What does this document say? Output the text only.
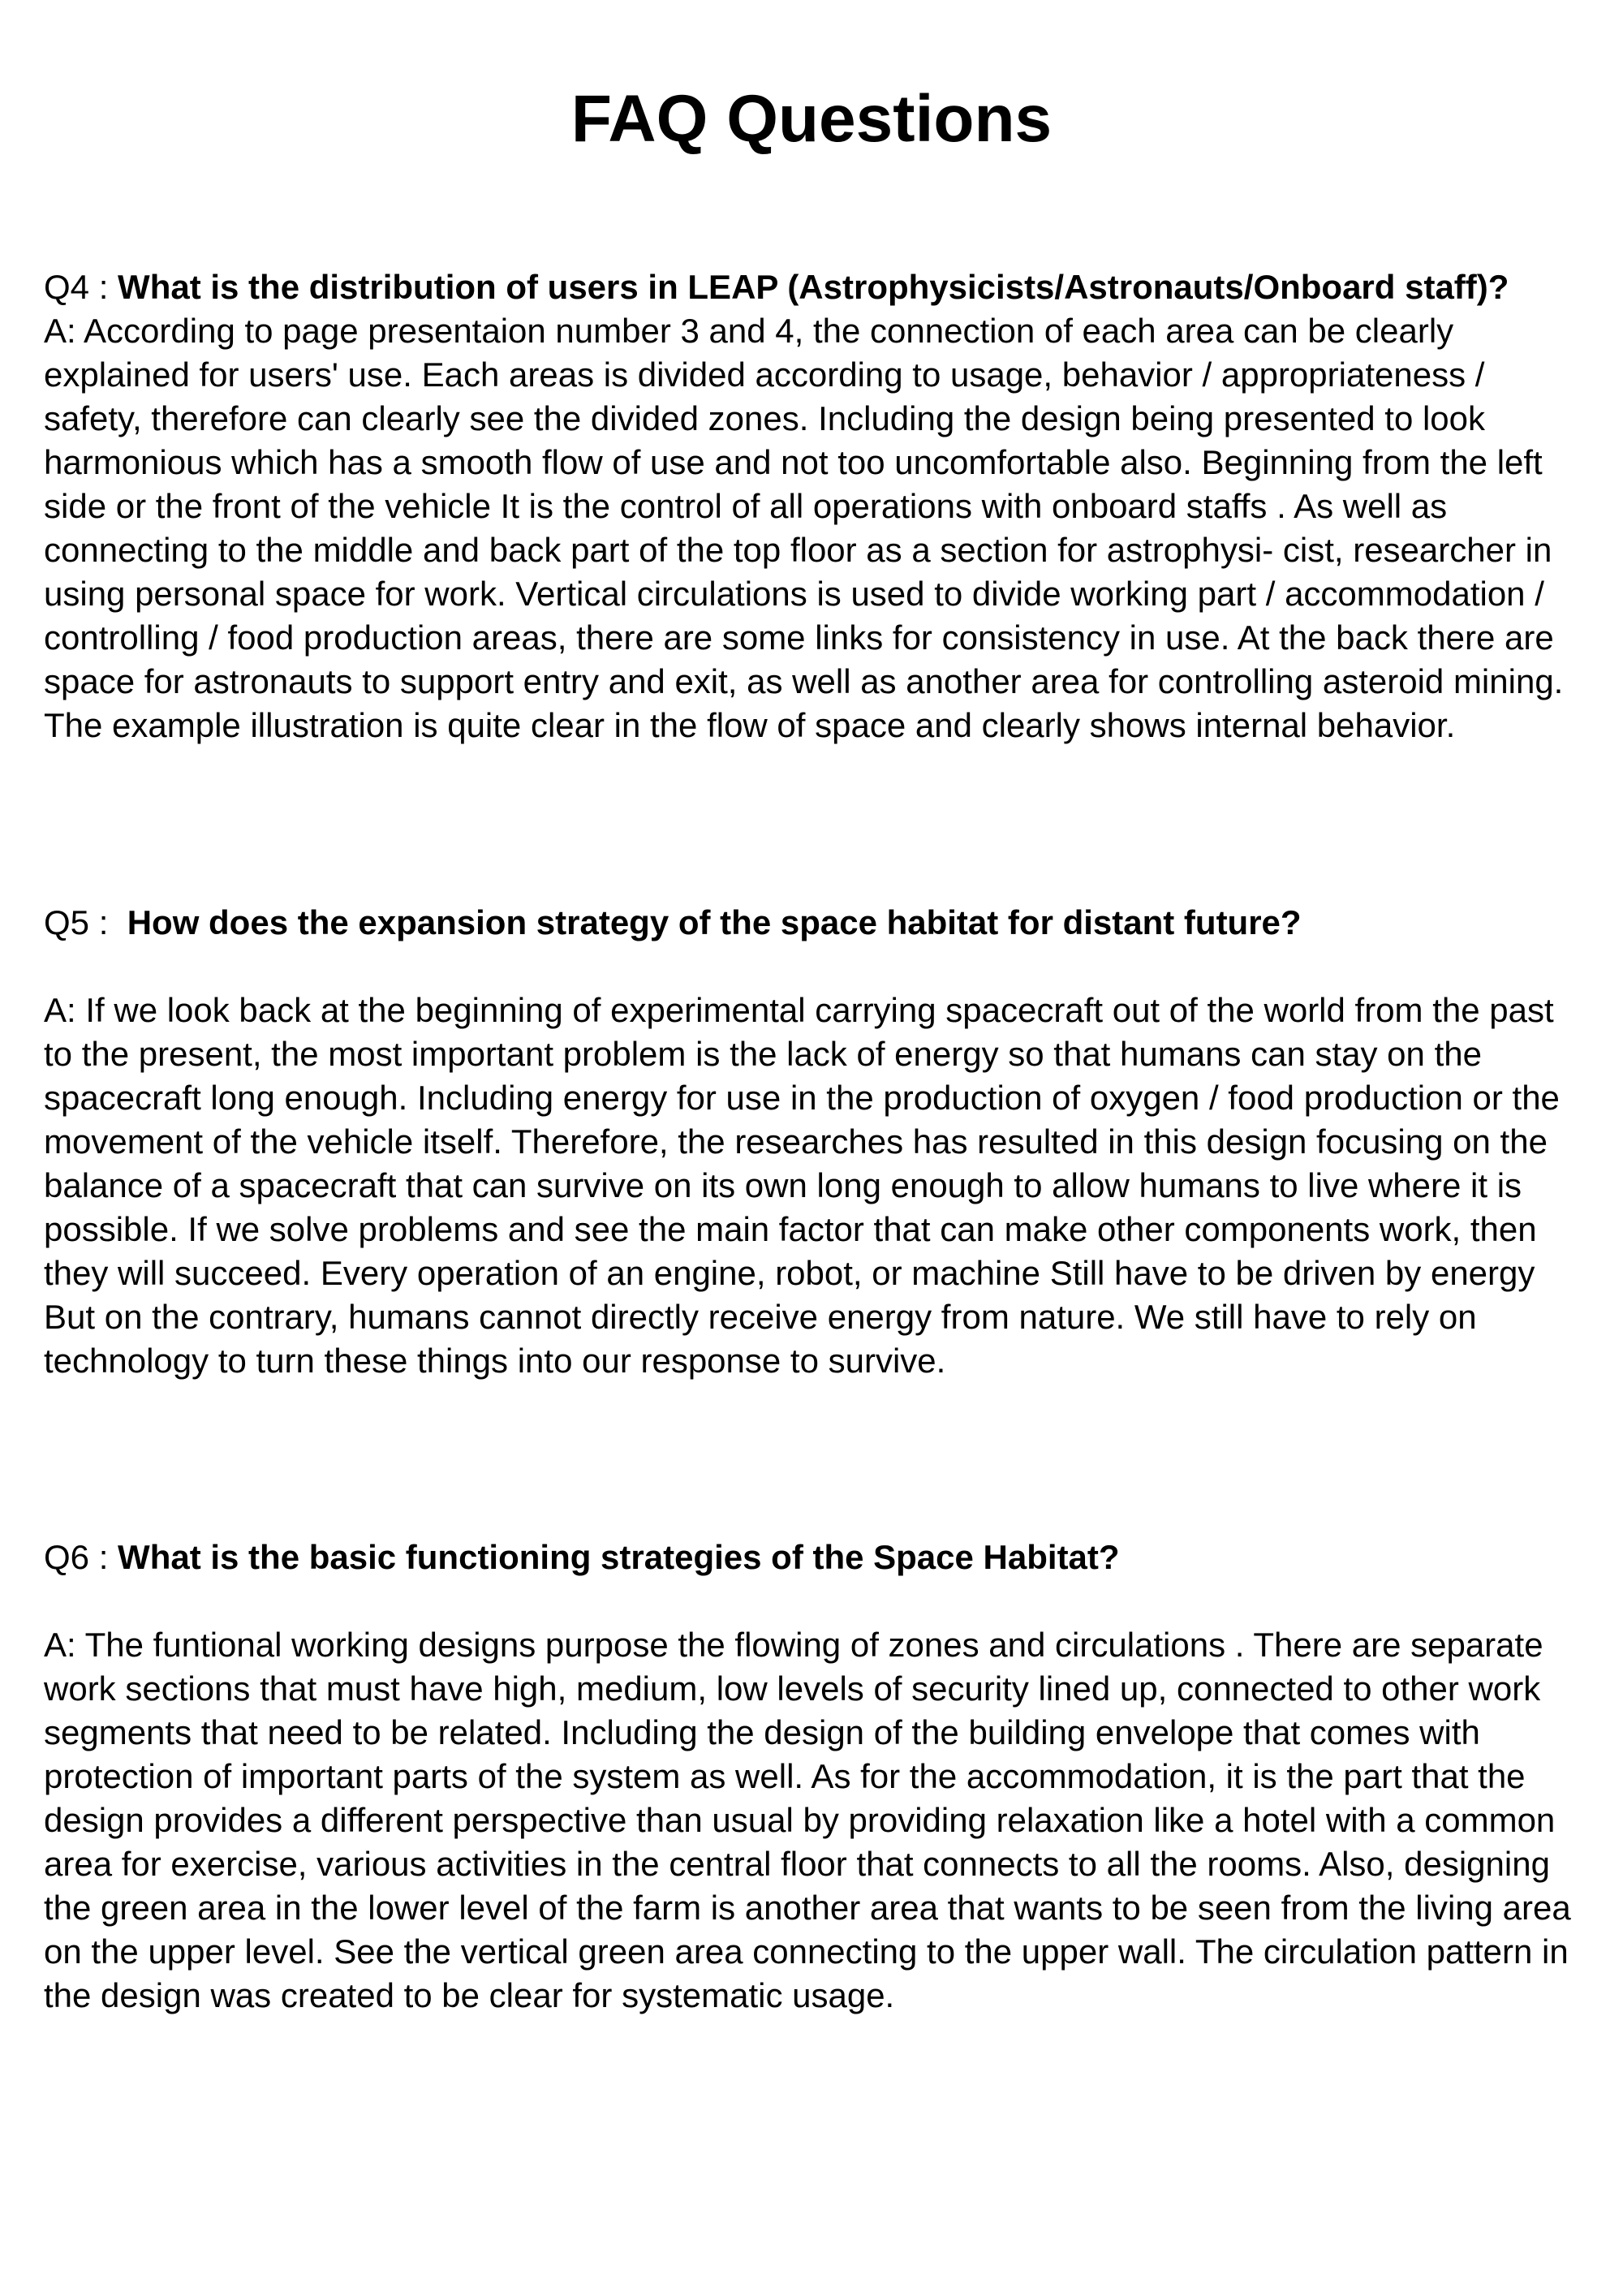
FAQ Questions

Q4 : What is the distribution of users in LEAP (Astrophysicists/Astronauts/Onboard staff)?

A: According to page presentaion number 3 and 4, the connection of each area can be clearly explained for users' use. Each areas is divided according to usage, behavior / appropriateness / safety, therefore can clearly see the divided zones. Including the design being presented to look harmonious which has a smooth flow of use and not too uncomfortable also. Beginning from the left side or the front of the vehicle It is the control of all operations with onboard staffs . As well as connecting to the middle and back part of the top floor as a section for astrophysi- cist, researcher in using personal space for work. Vertical circulations is used to divide working part / accommodation / controlling / food production areas, there are some links for consistency in use. At the back there are space for astronauts to support entry and exit, as well as another area for controlling asteroid mining. The example illustration is quite clear in the flow of space and clearly shows internal behavior.

Q5 :  How does the expansion strategy of the space habitat for distant future?

A: If we look back at the beginning of experimental carrying spacecraft out of the world from the past to the present, the most important problem is the lack of energy so that humans can stay on the spacecraft long enough. Including energy for use in the production of oxygen / food production or the movement of the vehicle itself. Therefore, the researches has resulted in this design focusing on the balance of a spacecraft that can survive on its own long enough to allow humans to live where it is possible. If we solve problems and see the main factor that can make other components work, then they will succeed. Every operation of an engine, robot, or machine Still have to be driven by energy But on the contrary, humans cannot directly receive energy from nature. We still have to rely on technology to turn these things into our response to survive.

Q6 : What is the basic functioning strategies of the Space Habitat?

A: The funtional working designs purpose the flowing of zones and circulations . There are separate work sections that must have high, medium, low levels of security lined up, connected to other work segments that need to be related. Including the design of the building envelope that comes with protection of important parts of the system as well. As for the accommodation, it is the part that the design provides a different perspective than usual by providing relaxation like a hotel with a common area for exercise, various activities in the central floor that connects to all the rooms. Also, designing the green area in the lower level of the farm is another area that wants to be seen from the living area on the upper level. See the vertical green area connecting to the upper wall. The circulation pattern in the design was created to be clear for systematic usage.
